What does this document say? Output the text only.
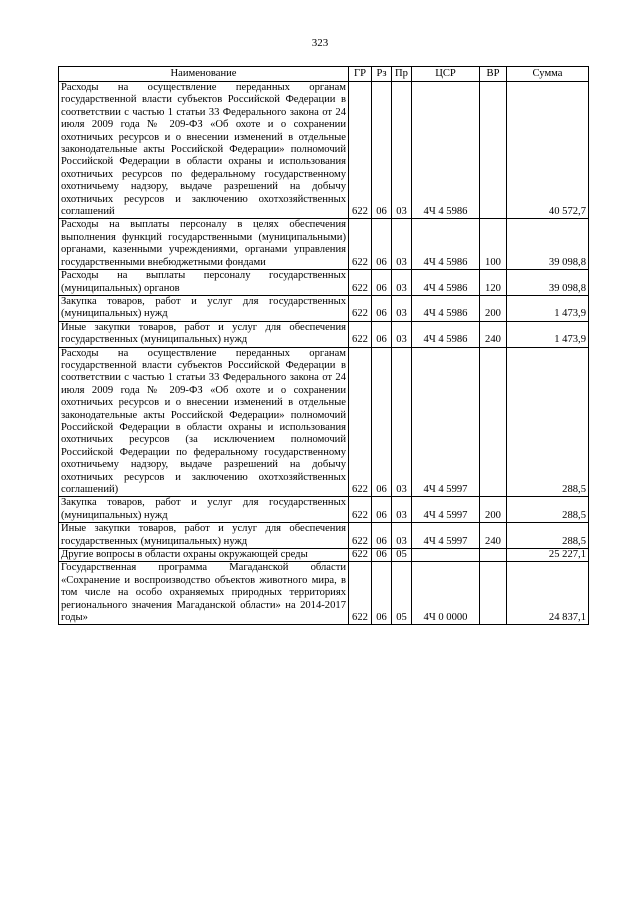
323
Наименование	ГР	Рз	Пр	ЦСР	ВР	Сумма
Расходы на осуществление переданных органам государственной власти субъектов Российской Федерации в соответствии с частью 1 статьи 33 Федерального закона от 24 июля 2009 года № 209-ФЗ «Об охоте и о сохранении охотничьих ресурсов и о внесении изменений в отдельные законодательные акты Российской Федерации» полномочий Российской Федерации в области охраны и использования охотничьих ресурсов по федеральному государственному охотничьему надзору, выдаче разрешений на добычу охотничьих ресурсов и заключению охотхозяйственных соглашений	622	06	03	4Ч 4 5986		40 572,7
Расходы на выплаты персоналу в целях обеспечения выполнения функций государственными (муниципальными) органами, казенными учреждениями, органами управления государственными внебюджетными фондами	622	06	03	4Ч 4 5986	100	39 098,8
Расходы на выплаты персоналу государственных (муниципальных) органов	622	06	03	4Ч 4 5986	120	39 098,8
Закупка товаров, работ и услуг для государственных (муниципальных) нужд	622	06	03	4Ч 4 5986	200	1 473,9
Иные закупки товаров, работ и услуг для обеспечения государственных (муниципальных) нужд	622	06	03	4Ч 4 5986	240	1 473,9
Расходы на осуществление переданных органам государственной власти субъектов Российской Федерации в соответствии с частью 1 статьи 33 Федерального закона от 24 июля 2009 года № 209-ФЗ «Об охоте и о сохранении охотничьих ресурсов и о внесении изменений в отдельные законодательные акты Российской Федерации» полномочий Российской Федерации в области охраны и использования охотничьих ресурсов (за исключением полномочий Российской Федерации по федеральному государственному охотничьему надзору, выдаче разрешений на добычу охотничьих ресурсов и заключению охотхозяйственных соглашений)	622	06	03	4Ч 4 5997		288,5
Закупка товаров, работ и услуг для государственных (муниципальных) нужд	622	06	03	4Ч 4 5997	200	288,5
Иные закупки товаров, работ и услуг для обеспечения государственных (муниципальных) нужд	622	06	03	4Ч 4 5997	240	288,5
Другие вопросы в области охраны окружающей среды	622	06	05			25 227,1
Государственная программа Магаданской области «Сохранение и воспроизводство объектов животного мира, в том числе на особо охраняемых природных территориях регионального значения Магаданской области» на 2014-2017 годы»	622	06	05	4Ч 0 0000		24 837,1
